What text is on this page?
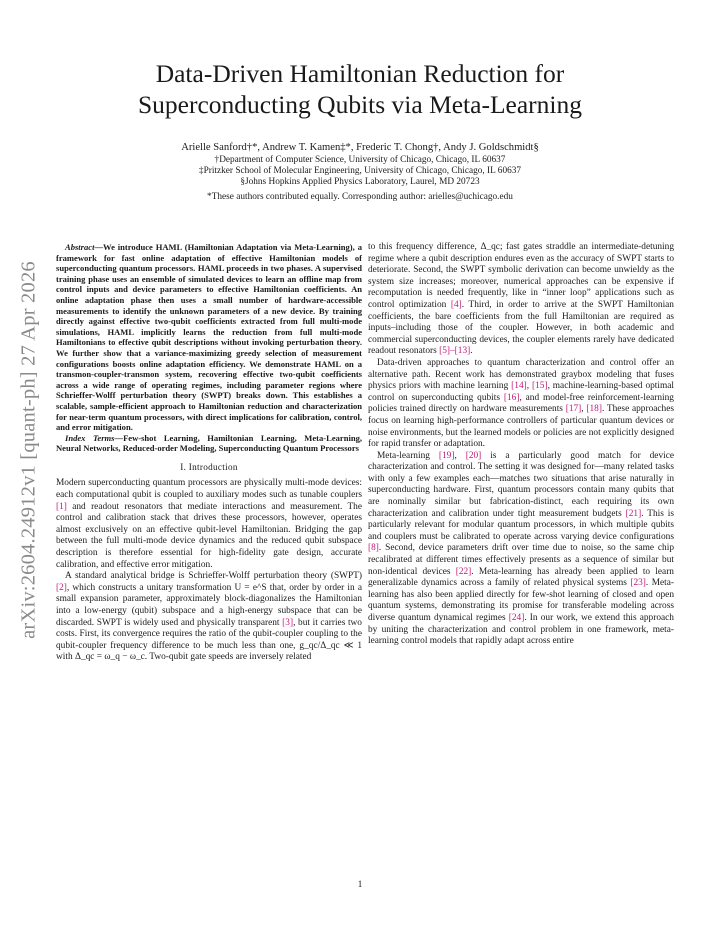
Data-Driven Hamiltonian Reduction for
Superconducting Qubits via Meta-Learning
Arielle Sanford†*, Andrew T. Kamen‡*, Frederic T. Chong†, Andy J. Goldschmidt§
†Department of Computer Science, University of Chicago, Chicago, IL 60637
‡Pritzker School of Molecular Engineering, University of Chicago, Chicago, IL 60637
§Johns Hopkins Applied Physics Laboratory, Laurel, MD 20723
*These authors contributed equally. Corresponding author: arielles@uchicago.edu
arXiv:2604.24912v1 [quant-ph] 27 Apr 2026

Abstract—We introduce HAML (Hamiltonian Adaptation via Meta-Learning), a framework for fast online adaptation of effective Hamiltonian models of superconducting quantum processors. HAML proceeds in two phases. A supervised training phase uses an ensemble of simulated devices to learn an offline map from control inputs and device parameters to effective Hamiltonian coefficients. An online adaptation phase then uses a small number of hardware-accessible measurements to identify the unknown parameters of a new device. By training directly against effective two-qubit coefficients extracted from full multi-mode simulations, HAML implicitly learns the reduction from full multi-mode Hamiltonians to effective qubit descriptions without invoking perturbation theory. We further show that a variance-maximizing greedy selection of measurement configurations boosts online adaptation efficiency. We demonstrate HAML on a transmon-coupler-transmon system, recovering effective two-qubit coefficients across a wide range of operating regimes, including parameter regions where Schrieffer-Wolff perturbation theory (SWPT) breaks down. This establishes a scalable, sample-efficient approach to Hamiltonian reduction and characterization for near-term quantum processors, with direct implications for calibration, control, and error mitigation.

Index Terms—Few-shot Learning, Hamiltonian Learning, Meta-Learning, Neural Networks, Reduced-order Modeling, Superconducting Quantum Processors

I. Introduction

Modern superconducting quantum processors are physically multi-mode devices: each computational qubit is coupled to auxiliary modes such as tunable couplers [1] and readout resonators that mediate interactions and measurement. The control and calibration stack that drives these processors, however, operates almost exclusively on an effective qubit-level Hamiltonian. Bridging the gap between the full multi-mode device dynamics and the reduced qubit subspace description is therefore essential for high-fidelity gate design, accurate calibration, and effective error mitigation.

A standard analytical bridge is Schrieffer-Wolff perturbation theory (SWPT) [2], which constructs a unitary transformation U = e^S that, order by order in a small expansion parameter, approximately block-diagonalizes the Hamiltonian into a low-energy (qubit) subspace and a high-energy subspace that can be discarded. SWPT is widely used and physically transparent [3], but it carries two costs. First, its convergence requires the ratio of the qubit-coupler coupling to the qubit-coupler frequency difference to be much less than one, g_qc/Δ_qc ≪ 1 with Δ_qc = ω_q − ω_c. Two-qubit gate speeds are inversely related

to this frequency difference, Δ_qc; fast gates straddle an intermediate-detuning regime where a qubit description endures even as the accuracy of SWPT starts to deteriorate. Second, the SWPT symbolic derivation can become unwieldy as the system size increases; moreover, numerical approaches can be expensive if recomputation is needed frequently, like in “inner loop” applications such as control optimization [4]. Third, in order to arrive at the SWPT Hamiltonian coefficients, the bare coefficients from the full Hamiltonian are required as inputs–including those of the coupler. However, in both academic and commercial superconducting devices, the coupler elements rarely have dedicated readout resonators [5]–[13].

Data-driven approaches to quantum characterization and control offer an alternative path. Recent work has demonstrated graybox modeling that fuses physics priors with machine learning [14], [15], machine-learning-based optimal control on superconducting qubits [16], and model-free reinforcement-learning policies trained directly on hardware measurements [17], [18]. These approaches focus on learning high-performance controllers of particular quantum devices or noise environments, but the learned models or policies are not explicitly designed for rapid transfer or adaptation.

Meta-learning [19], [20] is a particularly good match for device characterization and control. The setting it was designed for—many related tasks with only a few examples each—matches two situations that arise naturally in superconducting hardware. First, quantum processors contain many qubits that are nominally similar but fabrication-distinct, each requiring its own characterization and calibration under tight measurement budgets [21]. This is particularly relevant for modular quantum processors, in which multiple qubits and couplers must be calibrated to operate across varying device configurations [8]. Second, device parameters drift over time due to noise, so the same chip recalibrated at different times effectively presents as a sequence of similar but non-identical devices [22]. Meta-learning has already been applied to learn generalizable dynamics across a family of related physical systems [23]. Meta-learning has also been applied directly for few-shot learning of closed and open quantum systems, demonstrating its promise for transferable modeling across diverse quantum dynamical regimes [24]. In our work, we extend this approach by uniting the characterization and control problem in one framework, meta-learning control models that rapidly adapt across entire

1
